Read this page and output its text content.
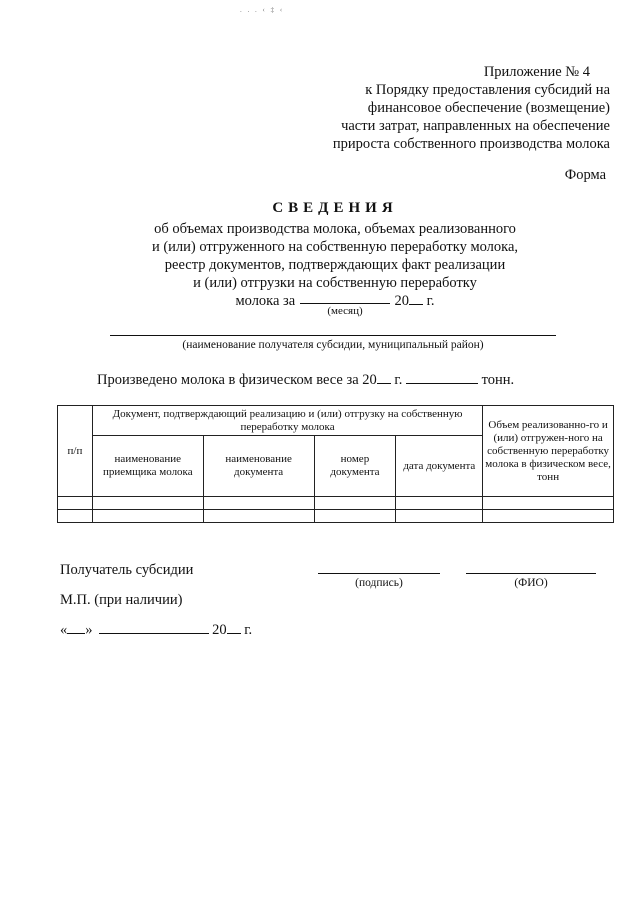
. . . ‹ ‡ ‹
Приложение № 4
к Порядку предоставления субсидий на
финансовое обеспечение (возмещение)
части затрат, направленных на обеспечение
прироста собственного производства молока
Форма
СВЕДЕНИЯ
об объемах производства молока, объемах реализованного
и (или) отгруженного на собственную переработку молока,
реестр документов, подтверждающих факт реализации
и (или) отгрузки на собственную переработку
молока за	20 г.
(месяц)
(наименование получателя субсидии, муниципальный район)
Произведено молока в физическом весе за 20 г.	тонн.
п/п	Документ, подтверждающий реализацию и (или) отгрузку на собственную переработку молока				Объем реализованно-го и (или) отгружен-ного на собственную переработку молока в физическом весе, тонн
	наименование приемщика молока	наименование документа	номер документа	дата документа	

Получатель субсидии
(подпись)	(ФИО)
М.П. (при наличии)
« »	20 г.
